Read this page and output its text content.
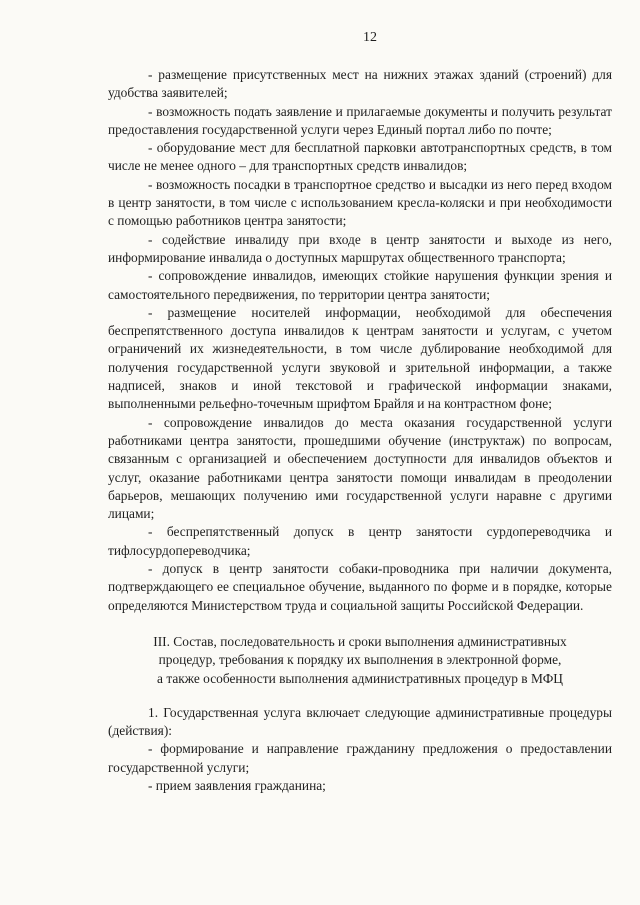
12

- размещение присутственных мест на нижних этажах зданий (строений) для удобства заявителей;

- возможность подать заявление и прилагаемые документы и получить результат предоставления государственной услуги через Единый портал либо по почте;

- оборудование мест для бесплатной парковки автотранспортных средств, в том числе не менее одного – для транспортных средств инвалидов;

- возможность посадки в транспортное средство и высадки из него перед входом в центр занятости, в том числе с использованием кресла-коляски и при необходимости с помощью работников центра занятости;

- содействие инвалиду при входе в центр занятости и выходе из него, информирование инвалида о доступных маршрутах общественного транспорта;

- сопровождение инвалидов, имеющих стойкие нарушения функции зрения и самостоятельного передвижения, по территории центра занятости;

- размещение носителей информации, необходимой для обеспечения беспрепятственного доступа инвалидов к центрам занятости и услугам, с учетом ограничений их жизнедеятельности, в том числе дублирование необходимой для получения государственной услуги звуковой и зрительной информации, а также надписей, знаков и иной текстовой и графической информации знаками, выполненными рельефно-точечным шрифтом Брайля и на контрастном фоне;

- сопровождение инвалидов до места оказания государственной услуги работниками центра занятости, прошедшими обучение (инструктаж) по вопросам, связанным с организацией и обеспечением доступности для инвалидов объектов и услуг, оказание работниками центра занятости помощи инвалидам в преодолении барьеров, мешающих получению ими государственной услуги наравне с другими лицами;

- беспрепятственный допуск в центр занятости сурдопереводчика и тифлосурдопереводчика;

- допуск в центр занятости собаки-проводника при наличии документа, подтверждающего ее специальное обучение, выданного по форме и в порядке, которые определяются Министерством труда и социальной защиты Российской Федерации.

III. Состав, последовательность и сроки выполнения административных
процедур, требования к порядку их выполнения в электронной форме,
а также особенности выполнения административных процедур в МФЦ

1. Государственная услуга включает следующие административные процедуры (действия):

- формирование и направление гражданину предложения о предоставлении государственной услуги;

- прием заявления гражданина;
